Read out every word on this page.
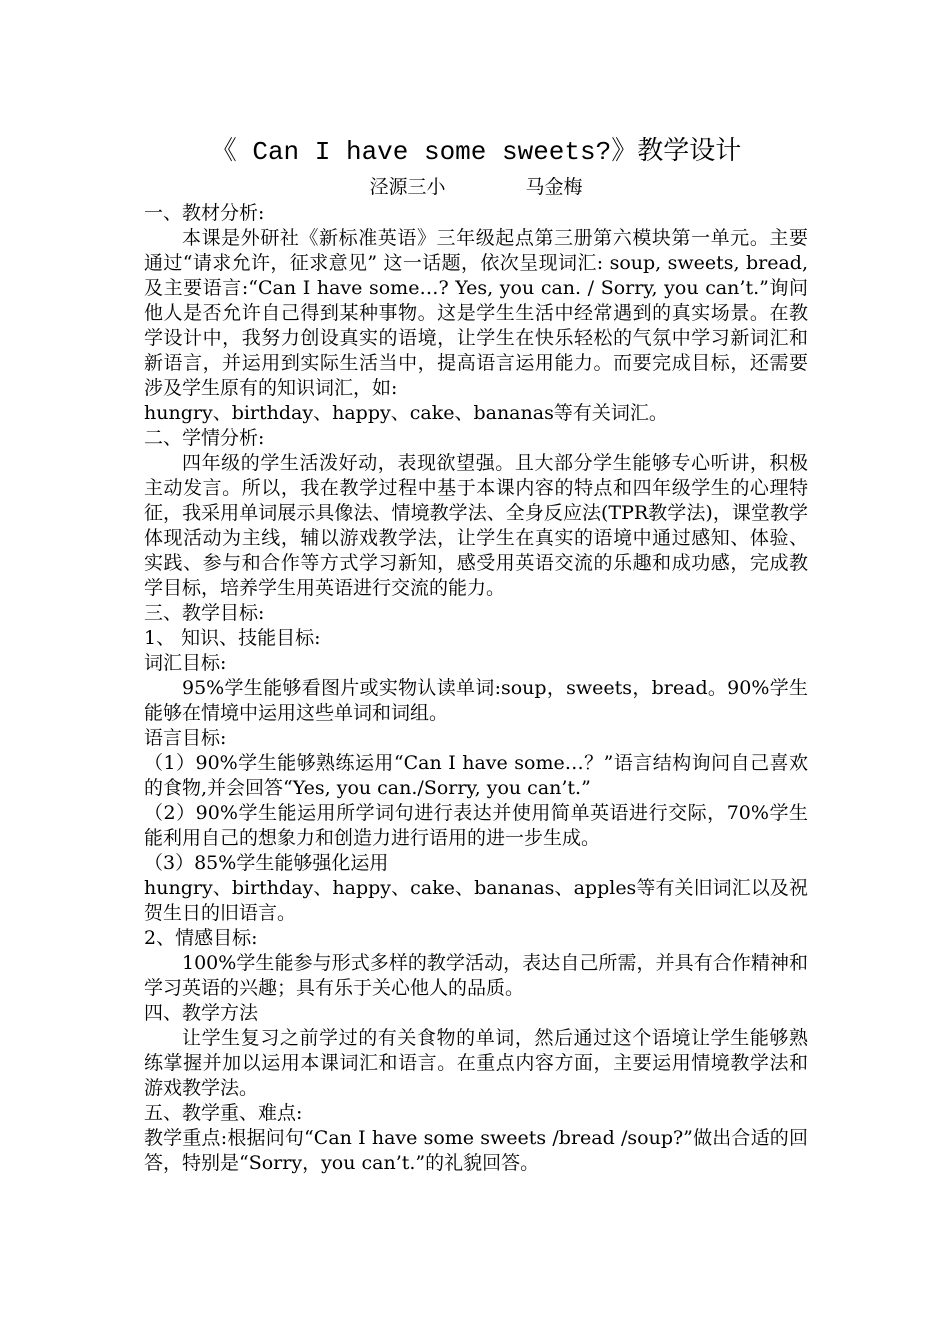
《 Can I have some sweets?》教学设计
泾源三小	马金梅

一、教材分析:

本课是外研社《新标准英语》三年级起点第三册第六模块第一单元。主要通过“请求允许，征求意见” 这一话题，依次呈现词汇: soup, sweets, bread, 及主要语言:“Can I have some…? Yes, you can. / Sorry, you can’t.”询问他人是否允许自己得到某种事物。这是学生生活中经常遇到的真实场景。在教学设计中，我努力创设真实的语境，让学生在快乐轻松的气氛中学习新词汇和新语言，并运用到实际生活当中，提高语言运用能力。而要完成目标，还需要涉及学生原有的知识词汇，如:

hungry、birthday、happy、cake、bananas等有关词汇。

二、学情分析:

四年级的学生活泼好动，表现欲望强。且大部分学生能够专心听讲，积极主动发言。所以，我在教学过程中基于本课内容的特点和四年级学生的心理特征，我采用单词展示具像法、情境教学法、全身反应法(TPR教学法)，课堂教学体现活动为主线，辅以游戏教学法，让学生在真实的语境中通过感知、体验、实践、参与和合作等方式学习新知，感受用英语交流的乐趣和成功感，完成教学目标，培养学生用英语进行交流的能力。

三、教学目标:

1、 知识、技能目标:

词汇目标:

95%学生能够看图片或实物认读单词:soup，sweets，bread。90%学生能够在情境中运用这些单词和词组。

语言目标:

（1）90%学生能够熟练运用“Can I have some…？”语言结构询问自己喜欢的食物,并会回答“Yes, you can./Sorry, you can’t.”

（2）90%学生能运用所学词句进行表达并使用简单英语进行交际，70%学生能利用自己的想象力和创造力进行语用的进一步生成。

（3）85%学生能够强化运用

hungry、birthday、happy、cake、bananas、apples等有关旧词汇以及祝贺生日的旧语言。

2、情感目标:

100%学生能参与形式多样的教学活动，表达自己所需，并具有合作精神和学习英语的兴趣；具有乐于关心他人的品质。

四、教学方法

让学生复习之前学过的有关食物的单词，然后通过这个语境让学生能够熟练掌握并加以运用本课词汇和语言。在重点内容方面，主要运用情境教学法和游戏教学法。

五、教学重、难点:

教学重点:根据问句“Can I have some sweets /bread /soup?”做出合适的回答，特别是“Sorry，you can’t.”的礼貌回答。
